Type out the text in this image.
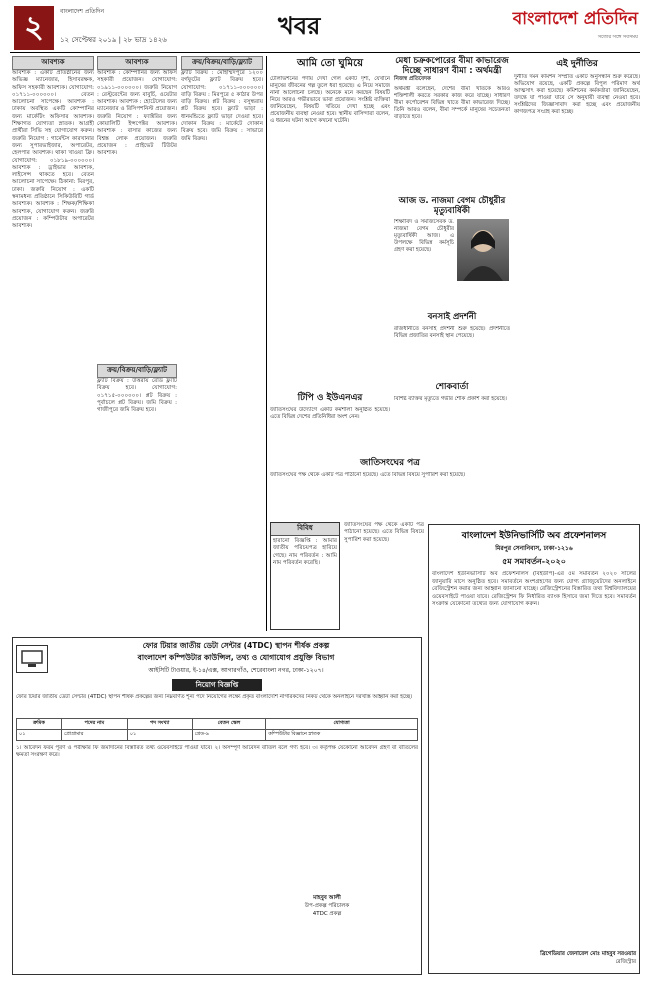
২	বাংলাদেশ প্রতিদিন
১২ সেপ্টেম্বর ২০১৯ | ২৮ ভাদ্র ১৪২৬	খবর	বাংলাদেশ প্রতিদিন
সত্যের সঙ্গে সবসময়
আবশ্যক
আবশ্যক : একটি প্রতিষ্ঠানের জন্য অভিজ্ঞ ম্যানেজার, হিসাবরক্ষক, অফিস সহকারী আবশ্যক। যোগাযোগ: ০১৭১১-০০০০০০। বেতন আলোচনা সাপেক্ষে। আবশ্যক : ঢাকায় অবস্থিত একটি কোম্পানির জন্য মার্কেটিং অফিসার আবশ্যক। শিক্ষাগত যোগ্যতা স্নাতক। আগ্রহী প্রার্থীরা সিভি সহ যোগাযোগ করুন। জরুরি নিয়োগ : গার্মেন্টস কারখানার জন্য সুপারভাইজার, অপারেটর, হেলপার আবশ্যক। থাকা খাওয়া ফ্রি। যোগাযোগ: ০১৮১৯-০০০০০০। আবশ্যক : ড্রাইভার আবশ্যক, লাইসেন্স থাকতে হবে। বেতন আলোচনা সাপেক্ষে। ঠিকানা: মিরপুর, ঢাকা। জরুরি নিয়োগ : একটি স্বনামধন্য প্রতিষ্ঠানে সিকিউরিটি গার্ড আবশ্যক। আবশ্যক : শিক্ষক/শিক্ষিকা আবশ্যক, যোগাযোগ করুন। জরুরি প্রয়োজন : কম্পিউটার অপারেটর আবশ্যক।
আবশ্যক
আবশ্যক : কোম্পানির জন্য অফিস সহকারী প্রয়োজন। যোগাযোগ: ০১৯১১-০০০০০০। জরুরি নিয়োগ : রেস্টুরেন্টের জন্য বাবুর্চি, ওয়েটার আবশ্যক। আবশ্যক : হোটেলের জন্য ম্যানেজার ও রিসিপশনিস্ট প্রয়োজন। জরুরি নিয়োগ : ফ্যাক্টরির জন্য কোয়ালিটি ইন্সপেক্টর আবশ্যক। আবশ্যক : বাসার কাজের জন্য বিশ্বস্ত লোক প্রয়োজন। জরুরি প্রয়োজন : প্রাইভেট টিউটর আবশ্যক।
ক্রয়/বিক্রয়/বাড়ি/ফ্ল্যাট
ফ্ল্যাট বিক্রয় : উত্তরায় রেডি ফ্ল্যাট বিক্রয় হবে। যোগাযোগ: ০১৭১৫-০০০০০০। প্লট বিক্রয় : পূর্বাচলে প্লট বিক্রয়। জমি বিক্রয় : গাজীপুরে জমি বিক্রয় হবে।
ক্রয়/বিক্রয়/বাড়ি/ফ্ল্যাট
ফ্ল্যাট বিক্রয় : মোহাম্মদপুরে ১২০০ বর্গফুটের ফ্ল্যাট বিক্রয় হবে। যোগাযোগ: ০১৭১১-০০০০০০। বাড়ি বিক্রয় : মিরপুরে ৫ কাঠার উপর বাড়ি বিক্রয়। প্লট বিক্রয় : বসুন্ধরায় প্লট বিক্রয় হবে। ফ্ল্যাট ভাড়া : ধানমন্ডিতে ফ্ল্যাট ভাড়া দেওয়া হবে। দোকান বিক্রয় : মার্কেটে দোকান বিক্রয় হবে। জমি বিক্রয় : সাভারে জমি বিক্রয়।
আমি তো ঘুমিয়ে
টেলিভিশনের পর্দায় দেখা গেল একটি দৃশ্য, যেখানে মানুষের জীবনের গল্প তুলে ধরা হয়েছে। এ নিয়ে সমাজে নানা আলোচনা চলছে। অনেকে মনে করছেন বিষয়টি নিয়ে আরও গভীরভাবে ভাবা প্রয়োজন। সংশ্লিষ্ট ব্যক্তিরা জানিয়েছেন, বিষয়টি খতিয়ে দেখা হচ্ছে এবং প্রয়োজনীয় ব্যবস্থা নেওয়া হবে। স্থানীয় বাসিন্দারা বলেন, এ ধরনের ঘটনা আগে কখনো ঘটেনি।
মেধা চক্রকপোরের বীমা কাভারেজ দিচ্ছে সাধারণ বীমা : অর্থমন্ত্রী
নিজস্ব প্রতিবেদক
অর্থমন্ত্রী বলেছেন, দেশের বীমা খাতকে আরও শক্তিশালী করতে সরকার কাজ করে যাচ্ছে। সাধারণ বীমা কর্পোরেশন বিভিন্ন খাতে বীমা কাভারেজ দিচ্ছে। তিনি আরও বলেন, বীমা সম্পর্কে মানুষের সচেতনতা বাড়াতে হবে।
এই দুর্নীতির
দুর্নীতি দমন কমিশন সম্প্রতি একটি অনুসন্ধান শুরু করেছে। অভিযোগ রয়েছে, একটি প্রকল্পে বিপুল পরিমাণ অর্থ আত্মসাৎ করা হয়েছে। কমিশনের কর্মকর্তারা জানিয়েছেন, তদন্তে যা পাওয়া যাবে সে অনুযায়ী ব্যবস্থা নেওয়া হবে। সংশ্লিষ্টদের জিজ্ঞাসাবাদ করা হচ্ছে এবং প্রয়োজনীয় কাগজপত্র সংগ্রহ করা হচ্ছে।
আজ ড. নাজমা বেগম চৌধুরীর মৃত্যুবার্ষিকী
শিক্ষাবিদ ও সমাজসেবক ড. নাজমা বেগম চৌধুরীর মৃত্যুবার্ষিকী আজ। এ উপলক্ষে বিভিন্ন কর্মসূচি গ্রহণ করা হয়েছে।
বনসাই প্রদর্শনী
রাজধানীতে বনসাই প্রদর্শনী শুরু হয়েছে। প্রদর্শনীতে বিভিন্ন প্রজাতির বনসাই স্থান পেয়েছে।
শোকবার্তা
বিশিষ্ট ব্যক্তির মৃত্যুতে গভীর শোক প্রকাশ করা হয়েছে।
টিপি ও ইউএনএর
জাতিসংঘের উদ্যোগে একটি কর্মশালা অনুষ্ঠিত হয়েছে। এতে বিভিন্ন দেশের প্রতিনিধিরা অংশ নেন।
জাতিসংঘের পত্র
জাতিসংঘের পক্ষ থেকে একটি পত্র পাঠানো হয়েছে। এতে বিভিন্ন বিষয়ে সুপারিশ করা হয়েছে।
বিবিধ
হারানো বিজ্ঞপ্তি : আমার জাতীয় পরিচয়পত্র হারিয়ে গেছে। নাম পরিবর্তন : আমি নাম পরিবর্তন করেছি।
জাতিসংঘের পক্ষ থেকে একটি পত্র পাঠানো হয়েছে। এতে বিভিন্ন বিষয়ে সুপারিশ করা হয়েছে।	বাংলাদেশ ইউনিভার্সিটি অব প্রফেশনালস
মিরপুর সেনানিবাস, ঢাকা-১২১৬
৫ম সমাবর্তন-২০২০
বাংলাদেশ ইউনিভার্সিটি অব প্রফেশনালস (বিইউপি)-এর ৫ম সমাবর্তন ২০২০ সালের জানুয়ারি মাসে অনুষ্ঠিত হবে। সমাবর্তনে অংশগ্রহণের জন্য যোগ্য গ্র্যাজুয়েটদের অনলাইনে রেজিস্ট্রেশন করার জন্য আহ্বান জানানো যাচ্ছে। রেজিস্ট্রেশনের বিস্তারিত তথ্য বিশ্ববিদ্যালয়ের ওয়েবসাইটে পাওয়া যাবে। রেজিস্ট্রেশন ফি নির্ধারিত ব্যাংক হিসাবে জমা দিতে হবে। সমাবর্তন সংক্রান্ত যেকোনো তথ্যের জন্য যোগাযোগ করুন।
ব্রিগেডিয়ার জেনারেল মোঃ মাহবুব সরওয়ার
রেজিস্ট্রার
ফোর টিয়ার জাতীয় ডেটা সেন্টার (4TDC) স্থাপন শীর্ষক প্রকল্প
বাংলাদেশ কম্পিউটার কাউন্সিল, তথ্য ও যোগাযোগ প্রযুক্তি বিভাগ
আইসিটি টাওয়ার, ই-১৪/এক্স, আগারগাঁও, শেরেবাংলা নগর, ঢাকা-১২০৭।
নিয়োগ বিজ্ঞপ্তি
ফোর টিয়ার জাতীয় ডেটা সেন্টার (4TDC) স্থাপন শীর্ষক প্রকল্পের জন্য নিম্নবর্ণিত শূন্য পদে নিয়োগের লক্ষ্যে প্রকৃত বাংলাদেশি নাগরিকদের নিকট থেকে অনলাইনে দরখাস্ত আহ্বান করা হচ্ছে।
ক্রমিক	পদের নাম	পদ সংখ্যা	বেতন স্কেল	যোগ্যতা
০১	প্রোগ্রামার	০১	গ্রেড-৯	কম্পিউটার বিজ্ঞানে স্নাতক
১। আবেদন ফরম পূরণ ও পরীক্ষার ফি জমাদানের বিস্তারিত তথ্য ওয়েবসাইটে পাওয়া যাবে। ২। অসম্পূর্ণ আবেদন বাতিল বলে গণ্য হবে। ৩। কর্তৃপক্ষ যেকোনো আবেদন গ্রহণ বা বাতিলের ক্ষমতা সংরক্ষণ করে।
মাহবুব আলী
উপ-প্রকল্প পরিচালক
4TDC প্রকল্প
